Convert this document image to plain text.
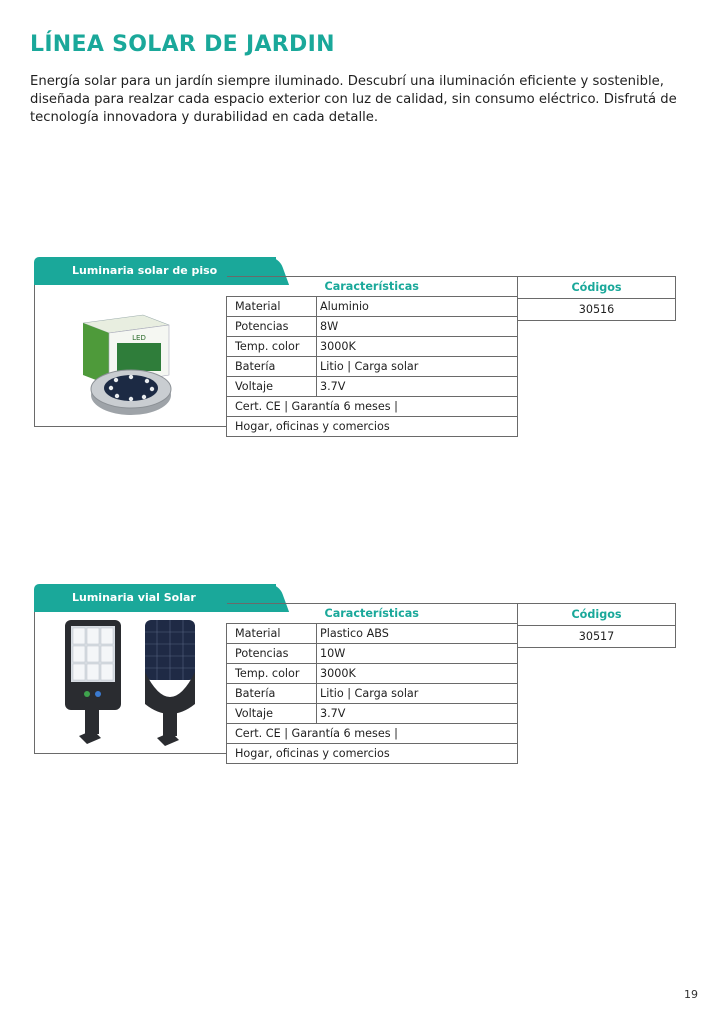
LÍNEA SOLAR DE JARDIN
Energía solar para un jardín siempre iluminado. Descubrí una iluminación eficiente y sostenible, diseñada para realzar cada espacio exterior con luz de calidad, sin consumo eléctrico. Disfrutá de tecnología innovadora y durabilidad en cada detalle.
Luminaria solar de piso
LED
Características	
Material	Aluminio
Potencias	8W
Temp. color	3000K
Batería	Litio | Carga solar
Voltaje	3.7V
Cert. CE | Garantía 6 meses |	
Hogar, oficinas y comercios	
Códigos
30516
Luminaria vial Solar
Características	
Material	Plastico ABS
Potencias	10W
Temp. color	3000K
Batería	Litio | Carga solar
Voltaje	3.7V
Cert. CE | Garantía 6 meses |	
Hogar, oficinas y comercios	
Códigos
30517
19
